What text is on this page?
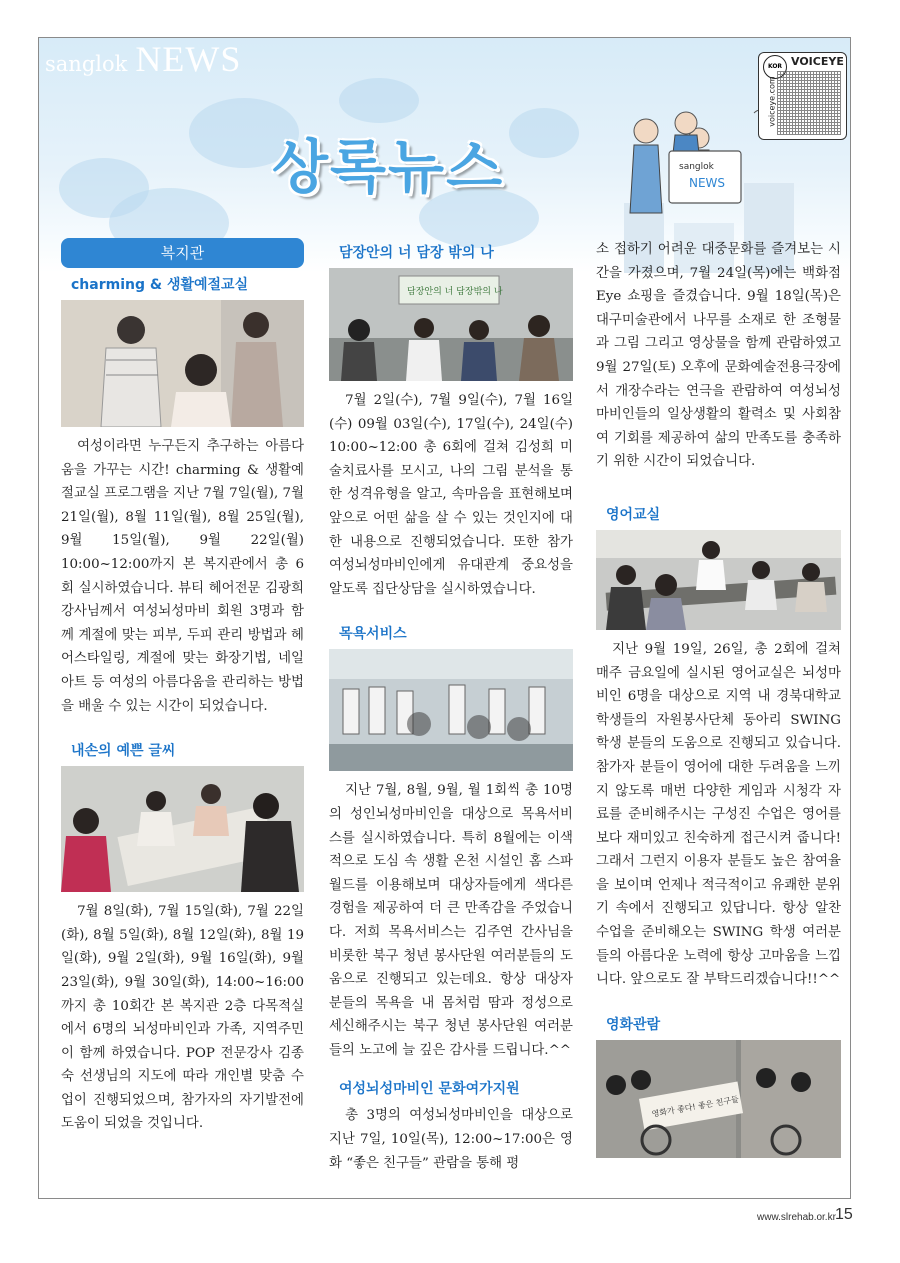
sanglok NEWS
상록뉴스	sanglok
NEWS
KOR VOICEYE
voiceye.com
복지관
charming & 생활예절교실
여성이라면 누구든지 추구하는 아름다움을 가꾸는 시간! charming & 생활예절교실 프로그램을 지난 7월 7일(월), 7월 21일(월), 8월 11일(월), 8월 25일(월), 9월 15일(월), 9월 22일(월) 10:00~12:00까지 본 복지관에서 총 6회 실시하였습니다. 뷰티 헤어전문 김광희 강사님께서 여성뇌성마비 회원 3명과 함께 계절에 맞는 피부, 두피 관리 방법과 헤어스타일링, 계절에 맞는 화장기법, 네일아트 등 여성의 아름다움을 관리하는 방법을 배울 수 있는 시간이 되었습니다.
내손의 예쁜 글씨
7월 8일(화), 7월 15일(화), 7월 22일(화), 8월 5일(화), 8월 12일(화), 8월 19일(화), 9월 2일(화), 9월 16일(화), 9월 23일(화), 9월 30일(화), 14:00~16:00까지 총 10회간 본 복지관 2층 다목적실에서 6명의 뇌성마비인과 가족, 지역주민이 함께 하였습니다. POP 전문강사 김종숙 선생님의 지도에 따라 개인별 맞춤 수업이 진행되었으며, 참가자의 자기발전에 도움이 되었을 것입니다.
담장안의 너 담장 밖의 나
담장안의 너 담장밖의 나
7월 2일(수), 7월 9일(수), 7월 16일(수) 09월 03일(수), 17일(수), 24일(수) 10:00~12:00 총 6회에 걸쳐 김성희 미술치료사를 모시고, 나의 그림 분석을 통한 성격유형을 알고, 속마음을 표현해보며 앞으로 어떤 삶을 살 수 있는 것인지에 대한 내용으로 진행되었습니다. 또한 참가 여성뇌성마비인에게 유대관계 중요성을 알도록 집단상담을 실시하였습니다.
목욕서비스
지난 7월, 8월, 9월, 월 1회씩 총 10명의 성인뇌성마비인을 대상으로 목욕서비스를 실시하였습니다. 특히 8월에는 이색적으로 도심 속 생활 온천 시설인 홈 스파월드를 이용해보며 대상자들에게 색다른 경험을 제공하여 더 큰 만족감을 주었습니다. 저희 목욕서비스는 김주연 간사님을 비롯한 북구 청년 봉사단원 여러분들의 도움으로 진행되고 있는데요. 항상 대상자 분들의 목욕을 내 몸처럼 땀과 정성으로 세신해주시는 북구 청년 봉사단원 여러분들의 노고에 늘 깊은 감사를 드립니다.^^
여성뇌성마비인 문화여가지원
총 3명의 여성뇌성마비인을 대상으로 지난 7일, 10일(목), 12:00~17:00은 영화 “좋은 친구들” 관람을 통해 평
소 접하기 어려운 대중문화를 즐겨보는 시간을 가졌으며, 7월 24일(목)에는 백화점 Eye 쇼핑을 즐겼습니다. 9월 18일(목)은 대구미술관에서 나무를 소재로 한 조형물과 그림 그리고 영상물을 함께 관람하였고 9월 27일(토) 오후에 문화예술전용극장에서 개장수라는 연극을 관람하여 여성뇌성마비인들의 일상생활의 활력소 및 사회참여 기회를 제공하여 삶의 만족도를 충족하기 위한 시간이 되었습니다.
영어교실
지난 9월 19일, 26일, 총 2회에 걸쳐 매주 금요일에 실시된 영어교실은 뇌성마비인 6명을 대상으로 지역 내 경북대학교 학생들의 자원봉사단체 동아리 SWING 학생 분들의 도움으로 진행되고 있습니다. 참가자 분들이 영어에 대한 두려움을 느끼지 않도록 매번 다양한 게임과 시청각 자료를 준비해주시는 구성진 수업은 영어를 보다 재미있고 친숙하게 접근시켜 줍니다! 그래서 그런지 이용자 분들도 높은 참여율을 보이며 언제나 적극적이고 유쾌한 분위기 속에서 진행되고 있답니다. 항상 알찬 수업을 준비해오는 SWING 학생 여러분들의 아름다운 노력에 항상 고마움을 느낍니다. 앞으로도 잘 부탁드리겠습니다!!^^
영화관람
영화가 좋다! 좋은 친구들
www.slrehab.or.kr 15
